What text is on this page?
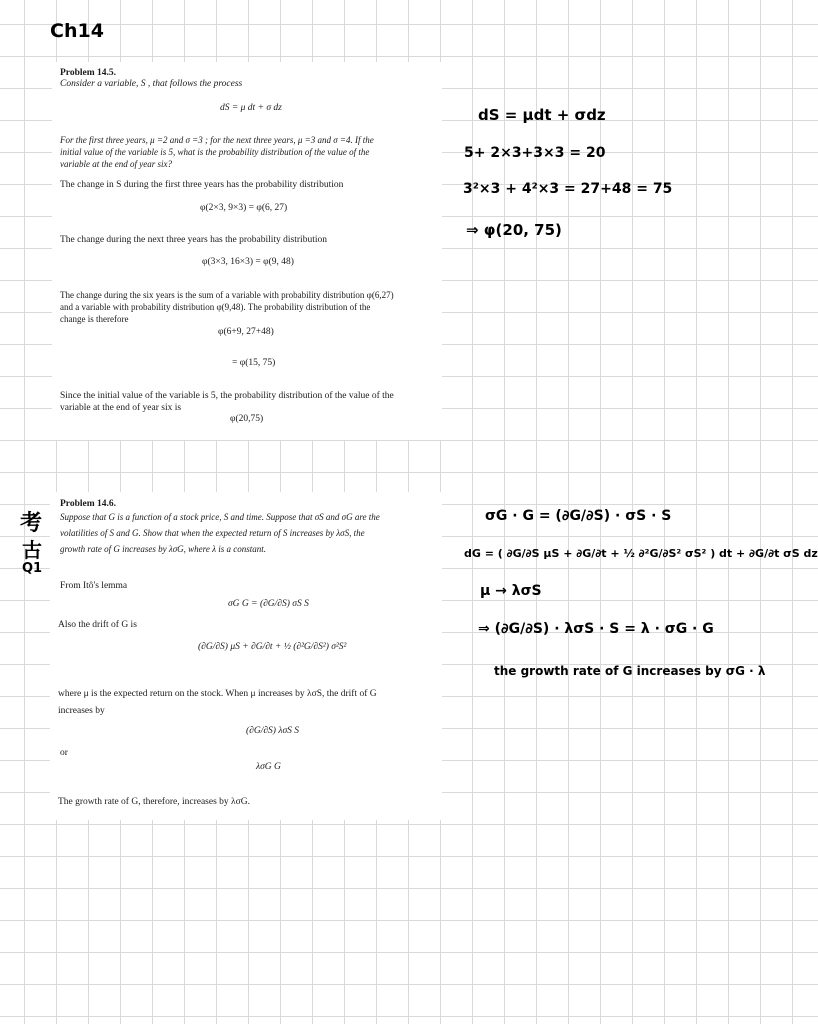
Ch14
Problem 14.5.
Consider a variable, S , that follows the process
dS = μ dt + σ dz
For the first three years, μ =2 and σ =3 ; for the next three years, μ =3 and σ =4. If the
initial value of the variable is 5, what is the probability distribution of the value of the
variable at the end of year six?
The change in S during the first three years has the probability distribution
φ(2×3, 9×3) = φ(6, 27)
The change during the next three years has the probability distribution
φ(3×3, 16×3) = φ(9, 48)
The change during the six years is the sum of a variable with probability distribution φ(6,27)
and a variable with probability distribution φ(9,48). The probability distribution of the
change is therefore
φ(6+9, 27+48)
= φ(15, 75)
Since the initial value of the variable is 5, the probability distribution of the value of the
variable at the end of year six is
φ(20,75)
dS = μdt + σdz
5+ 2×3+3×3 = 20
3²×3 + 4²×3 = 27+48 = 75
⇒ φ(20, 75)
考
古
Q1
Problem 14.6.
Suppose that G is a function of a stock price, S and time. Suppose that σS and σG are the
volatilities of S and G. Show that when the expected return of S increases by λσS, the
growth rate of G increases by λσG, where λ is a constant.
From Itô's lemma
σG G = (∂G/∂S) σS S
Also the drift of G is
(∂G/∂S) μS + ∂G/∂t + ½ (∂²G/∂S²) σ²S²
where μ is the expected return on the stock. When μ increases by λσS, the drift of G
increases by
(∂G/∂S) λσS S
or
λσG G
The growth rate of G, therefore, increases by λσG.
σG · G = (∂G/∂S) · σS · S
dG = ( ∂G/∂S μS + ∂G/∂t + ½ ∂²G/∂S² σS² ) dt + ∂G/∂t σS dz
μ → λσS
⇒ (∂G/∂S) · λσS · S = λ · σG · G
the growth rate of G increases by σG · λ
